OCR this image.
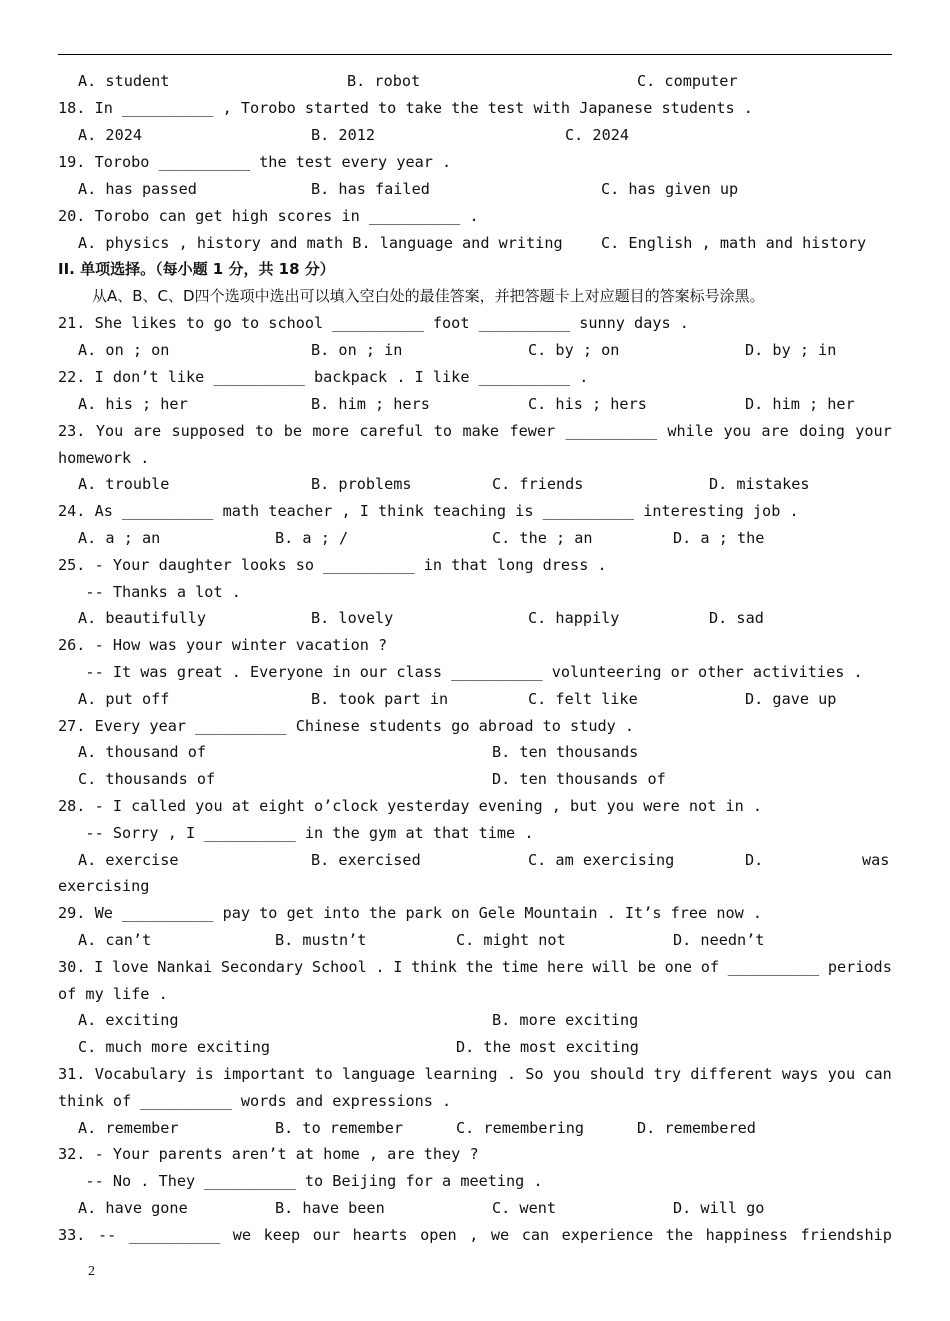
A. student	B. robot	C. computer
18. In __________ , Torobo started to take the test with Japanese students .
A. 2024	B. 2012	C. 2024
19. Torobo __________ the test every year .
A. has passed	B. has failed	C. has given up
20. Torobo can get high scores in __________ .
A. physics , history and math B. language and writing	C. English , math and history
21. She likes to go to school __________ foot __________ sunny days .
A. on ; on	B. on ; in	C. by ; on	D. by ; in
22. I don’t like __________ backpack . I like __________ .
A. his ; her	B. him ; hers	C. his ; hers	D. him ; her
23. You are supposed to be more careful to make fewer __________ while you are doing your
homework .
A. trouble	B. problems	C. friends	D. mistakes
24. As __________ math teacher , I think teaching is __________ interesting job .
A. a ; an	B. a ; /	C. the ; an	D. a ; the
25. - Your daughter looks so __________ in that long dress .
-- Thanks a lot .
A. beautifully	B. lovely	C. happily	D. sad
26. - How was your winter vacation ?
-- It was great . Everyone in our class __________ volunteering or other activities .
A. put off	B. took part in	C. felt like	D. gave up
27. Every year __________ Chinese students go abroad to study .
A. thousand of	B. ten thousands
C. thousands of	D. ten thousands of
28. - I called you at eight o’clock yesterday evening , but you were not in .
-- Sorry , I __________ in the gym at that time .
A. exercise	B. exercised	C. am exercising	D.	was
exercising
29. We __________ pay to get into the park on Gele Mountain . It’s free now .
A. can’t	B. mustn’t	C. might not	D. needn’t
30. I love Nankai Secondary School . I think the time here will be one of __________ periods
of my life .
A. exciting	B. more exciting
C. much more exciting	D. the most exciting
31. Vocabulary is important to language learning . So you should try different ways you can
think of __________ words and expressions .
A. remember	B. to remember	C. remembering	D. remembered
32. - Your parents aren’t at home , are they ?
-- No . They __________ to Beijing for a meeting .
A. have gone	B. have been	C. went	D. will go
33. -- __________ we keep our hearts open , we can experience the happiness friendship
II. 单项选择。（每小题 1 分，共 18 分）
从A、B、C、D四个选项中选出可以填入空白处的最佳答案，并把答题卡上对应题目的答案标号涂黑。
2
